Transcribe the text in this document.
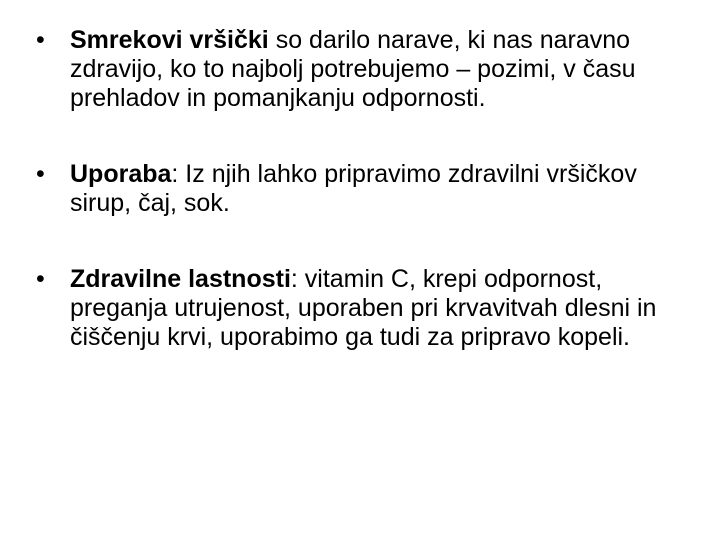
•	Smrekovi vršički so darilo narave, ki nas naravno zdravijo, ko to najbolj potrebujemo – pozimi, v času prehladov in pomanjkanju odpornosti.
•	Uporaba: Iz njih lahko pripravimo zdravilni vršičkov sirup, čaj, sok.
•	Zdravilne lastnosti: vitamin C, krepi odpornost, preganja utrujenost, uporaben pri krvavitvah dlesni in čiščenju krvi, uporabimo ga tudi za pripravo kopeli.
